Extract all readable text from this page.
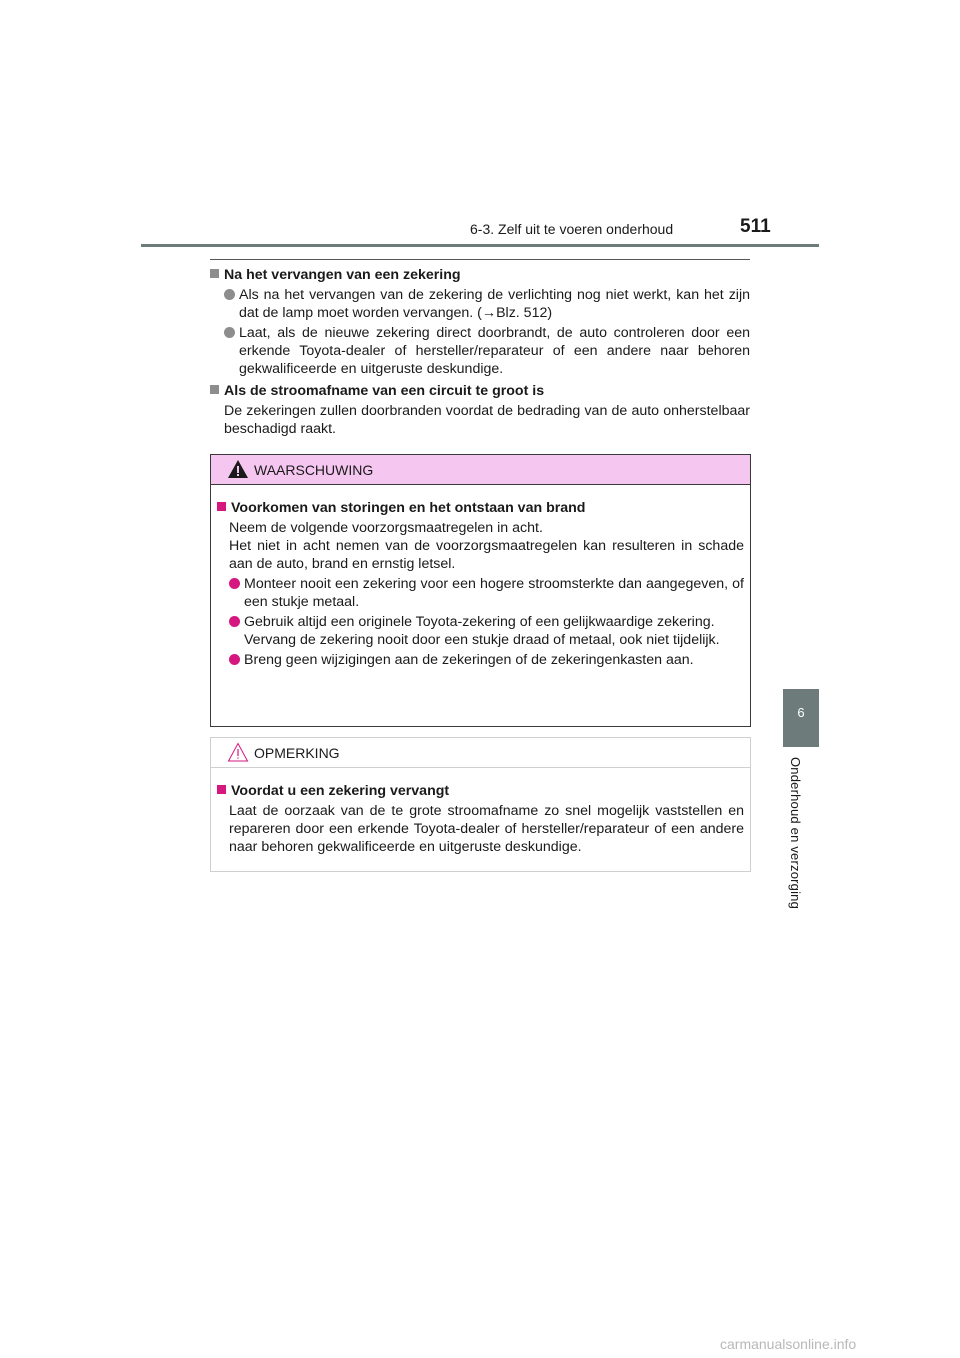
6-3. Zelf uit te voeren onderhoud	511
6
Onderhoud en verzorging
Na het vervangen van een zekering
Als na het vervangen van de zekering de verlichting nog niet werkt, kan het zijn dat de lamp moet worden vervangen. (→Blz. 512)
Laat, als de nieuwe zekering direct doorbrandt, de auto controleren door een erkende Toyota-dealer of hersteller/reparateur of een andere naar behoren gekwalificeerde en uitgeruste deskundige.
Als de stroomafname van een circuit te groot is
De zekeringen zullen doorbranden voordat de bedrading van de auto onherstelbaar beschadigd raakt.
WAARSCHUWING
Voorkomen van storingen en het ontstaan van brand
Neem de volgende voorzorgsmaatregelen in acht.
Het niet in acht nemen van de voorzorgsmaatregelen kan resulteren in schade aan de auto, brand en ernstig letsel.
Monteer nooit een zekering voor een hogere stroomsterkte dan aangegeven, of een stukje metaal.
Gebruik altijd een originele Toyota-zekering of een gelijkwaardige zekering.
Vervang de zekering nooit door een stukje draad of metaal, ook niet tijdelijk.
Breng geen wijzigingen aan de zekeringen of de zekeringenkasten aan.
OPMERKING
Voordat u een zekering vervangt
Laat de oorzaak van de te grote stroomafname zo snel mogelijk vaststellen en repareren door een erkende Toyota-dealer of hersteller/reparateur of een andere naar behoren gekwalificeerde en uitgeruste deskundige.
carmanualsonline.info
